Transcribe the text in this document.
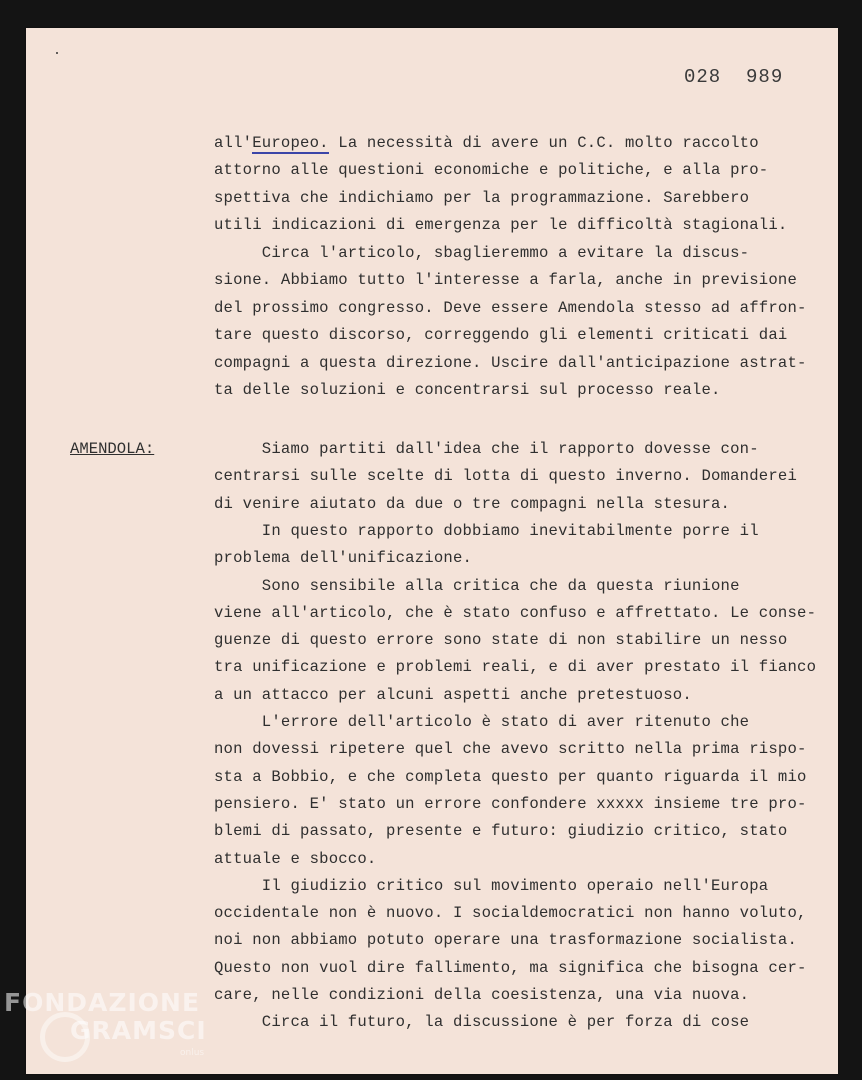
028  989
all'Europeo. La necessità di avere un C.C. molto raccolto
attorno alle questioni economiche e politiche, e alla pro-
spettiva che indichiamo per la programmazione. Sarebbero
utili indicazioni di emergenza per le difficoltà stagionali.
Circa l'articolo, sbaglieremmo a evitare la discus-
sione. Abbiamo tutto l'interesse a farla, anche in previsione
del prossimo congresso. Deve essere Amendola stesso ad affron-
tare questo discorso, correggendo gli elementi criticati dai
compagni a questa direzione. Uscire dall'anticipazione astrat-
ta delle soluzioni e concentrarsi sul processo reale.
AMENDOLA:	Siamo partiti dall'idea che il rapporto dovesse con-
centrarsi sulle scelte di lotta di questo inverno. Domanderei
di venire aiutato da due o tre compagni nella stesura.
In questo rapporto dobbiamo inevitabilmente porre il
problema dell'unificazione.
Sono sensibile alla critica che da questa riunione
viene all'articolo, che è stato confuso e affrettato. Le conse-
guenze di questo errore sono state di non stabilire un nesso
tra unificazione e problemi reali, e di aver prestato il fianco
a un attacco per alcuni aspetti anche pretestuoso.
L'errore dell'articolo è stato di aver ritenuto che
non dovessi ripetere quel che avevo scritto nella prima rispo-
sta a Bobbio, e che completa questo per quanto riguarda il mio
pensiero. E' stato un errore confondere xxxxx insieme tre pro-
blemi di passato, presente e futuro: giudizio critico, stato
attuale e sbocco.
Il giudizio critico sul movimento operaio nell'Europa
occidentale non è nuovo. I socialdemocratici non hanno voluto,
noi non abbiamo potuto operare una trasformazione socialista.
Questo non vuol dire fallimento, ma significa che bisogna cer-
care, nelle condizioni della coesistenza, una via nuova.
Circa il futuro, la discussione è per forza di cose
FONDAZIONE
GRAMSCI
onlus
